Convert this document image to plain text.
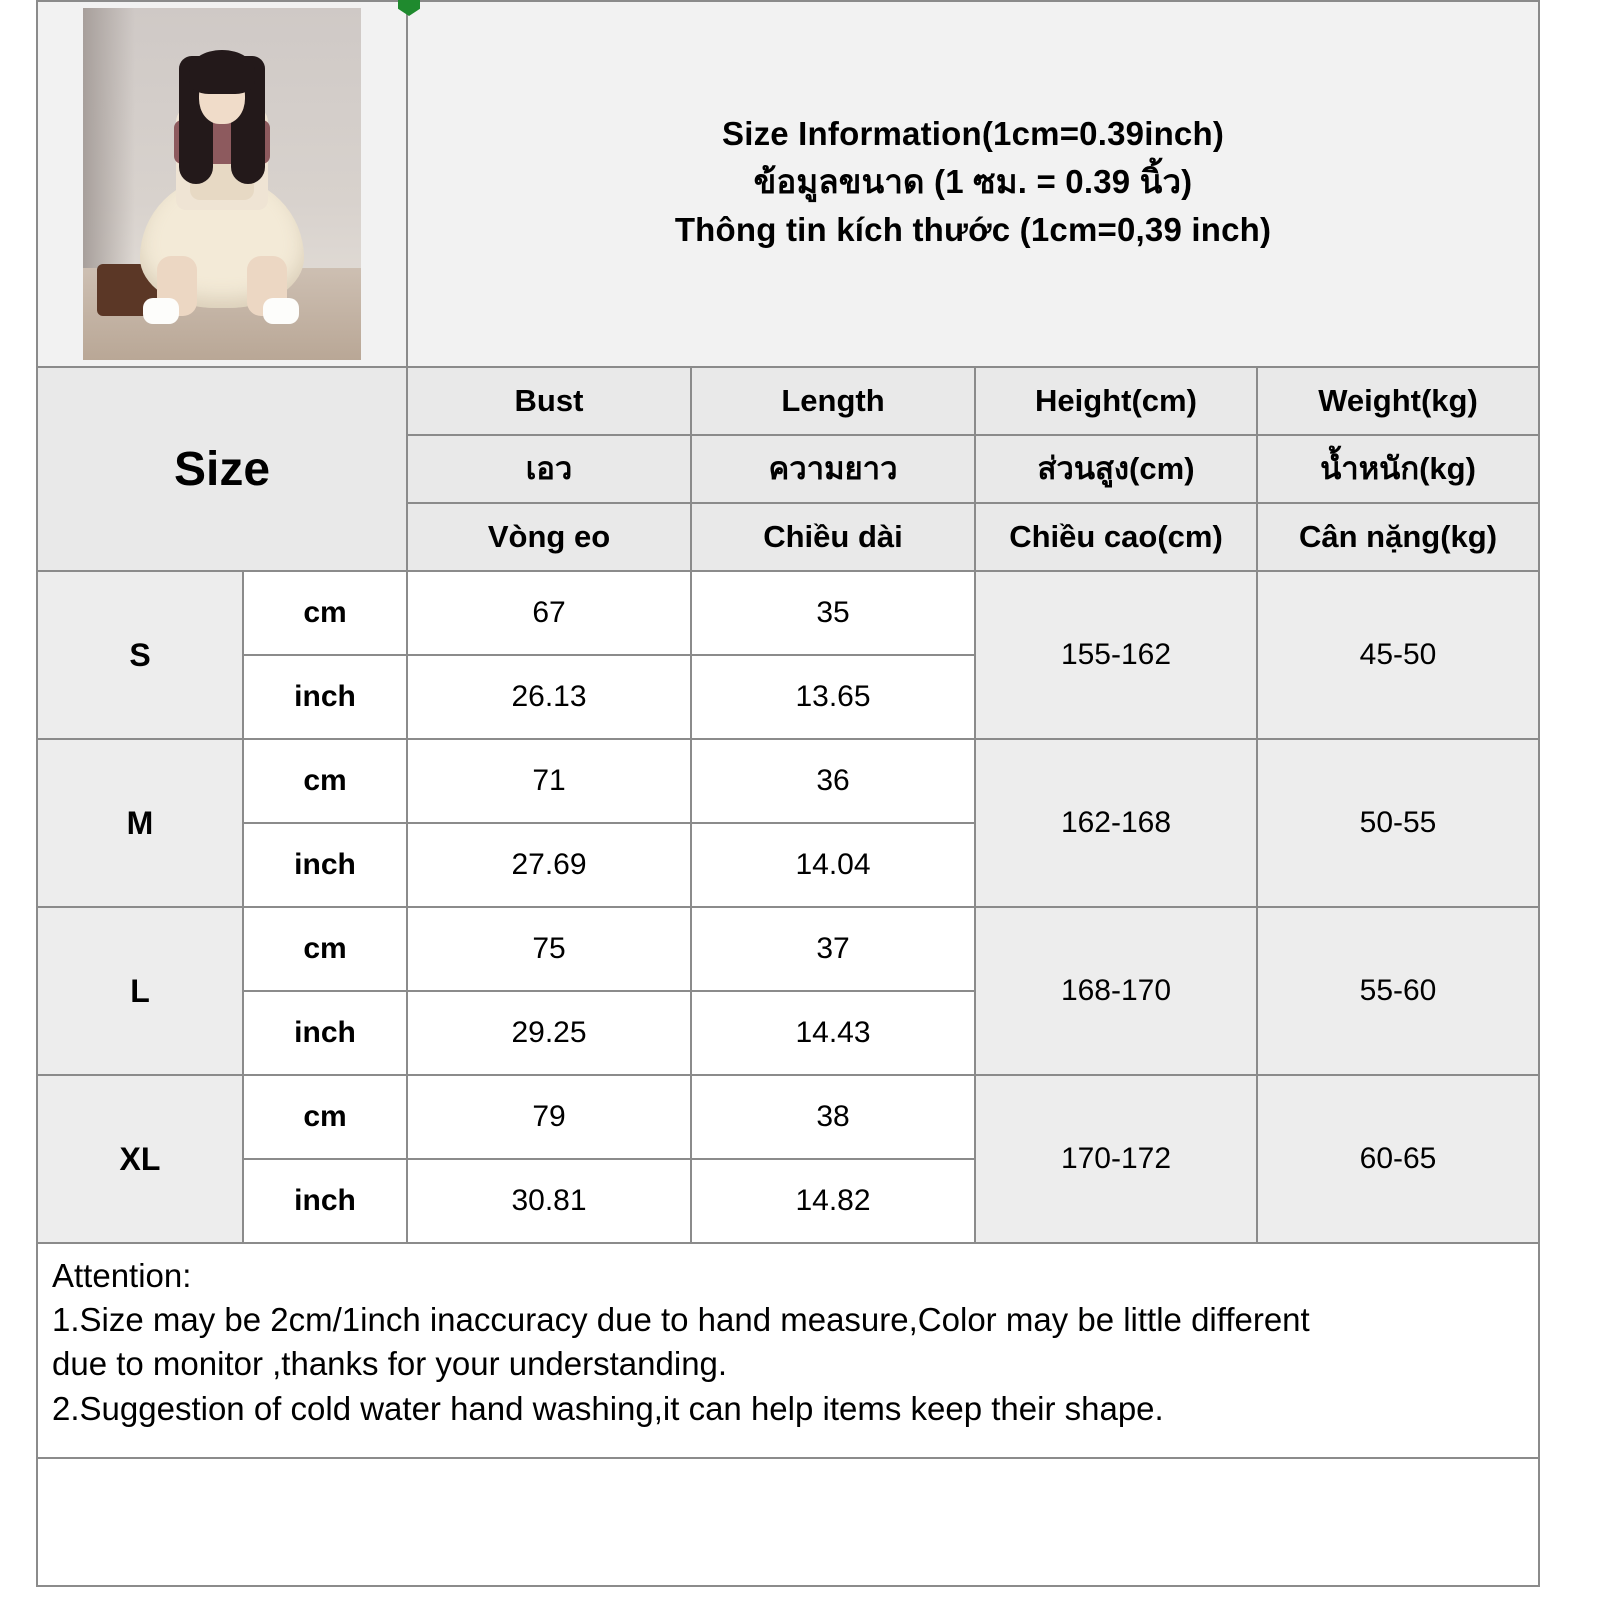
		Size Information(1cm=0.39inch)
ข้อมูลขนาด (1 ซม. = 0.39 นิ้ว)
Thông tin kích thước (1cm=0,39 inch)			

Size		Bust	Length	Height(cm)	Weight(kg)
		เอว	ความยาว	ส่วนสูง(cm)	น้ำหนัก(kg)
		Vòng eo	Chiều dài	Chiều cao(cm)	Cân nặng(kg)
S	cm	67	35	155-162	45-50
	inch	26.13	13.65		
M	cm	71	36	162-168	50-55
	inch	27.69	14.04		
L	cm	75	37	168-170	55-60
	inch	29.25	14.43		
XL	cm	79	38	170-172	60-65
	inch	30.81	14.82		

Attention:
1.Size may be 2cm/1inch inaccuracy due to hand measure,Color may be little different
due to monitor ,thanks for your understanding.
2.Suggestion of cold water hand washing,it can help items keep their shape.					
